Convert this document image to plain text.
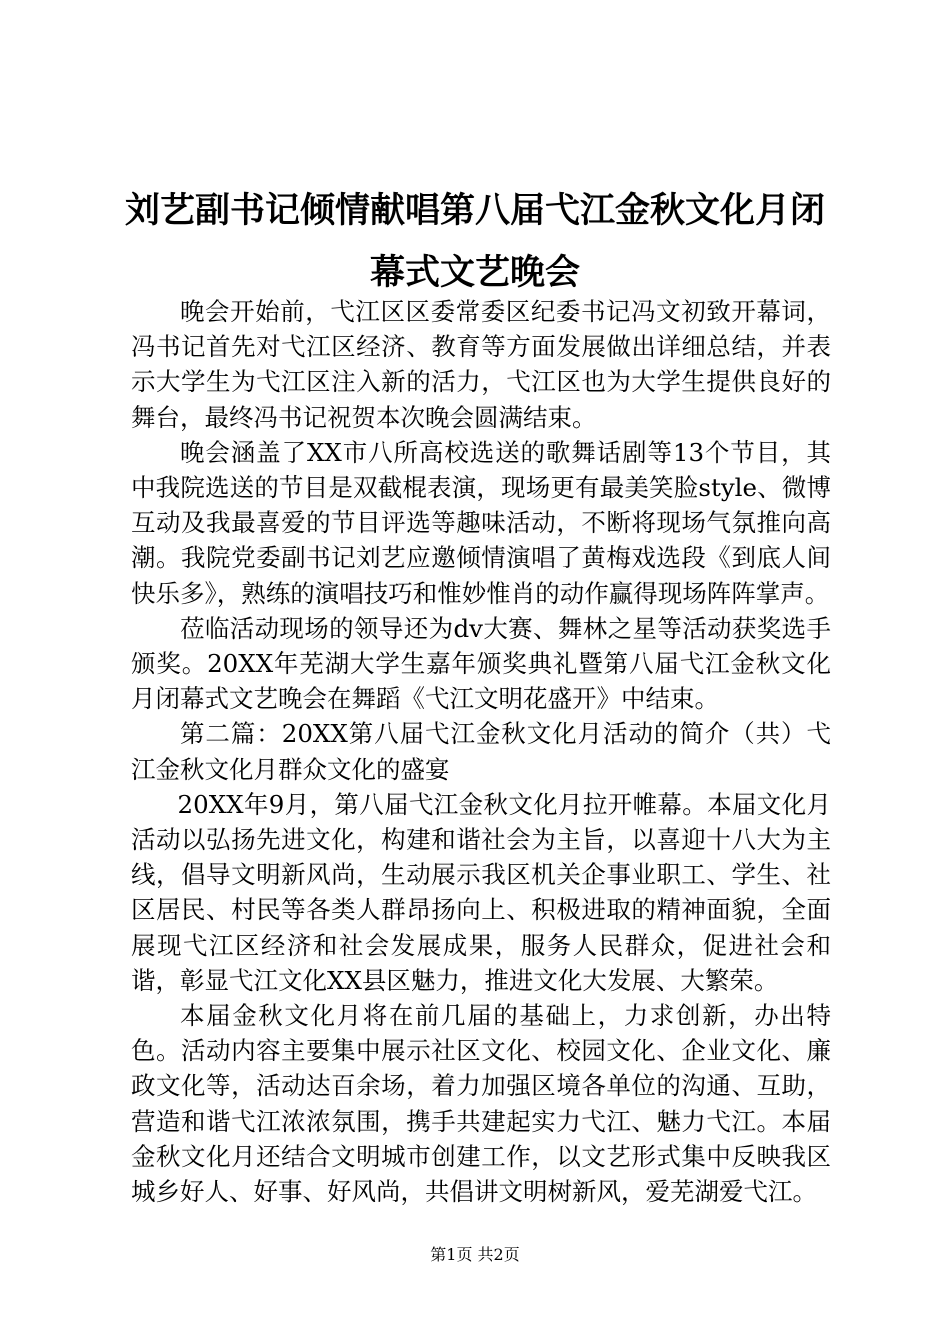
刘艺副书记倾情献唱第八届弋江金秋文化月闭幕式文艺晚会

晚会开始前，弋江区区委常委区纪委书记冯文初致开幕词，冯书记首先对弋江区经济、教育等方面发展做出详细总结，并表示大学生为弋江区注入新的活力，弋江区也为大学生提供良好的舞台，最终冯书记祝贺本次晚会圆满结束。

晚会涵盖了XX市八所高校选送的歌舞话剧等13个节目，其中我院选送的节目是双截棍表演，现场更有最美笑脸style、微博互动及我最喜爱的节目评选等趣味活动，不断将现场气氛推向高潮。我院党委副书记刘艺应邀倾情演唱了黄梅戏选段《到底人间快乐多》，熟练的演唱技巧和惟妙惟肖的动作赢得现场阵阵掌声。

莅临活动现场的领导还为dv大赛、舞林之星等活动获奖选手颁奖。20XX年芜湖大学生嘉年颁奖典礼暨第八届弋江金秋文化月闭幕式文艺晚会在舞蹈《弋江文明花盛开》中结束。

第二篇：20XX第八届弋江金秋文化月活动的简介（共）弋江金秋文化月群众文化的盛宴

20XX年9月，第八届弋江金秋文化月拉开帷幕。本届文化月活动以弘扬先进文化，构建和谐社会为主旨，以喜迎十八大为主线，倡导文明新风尚，生动展示我区机关企事业职工、学生、社区居民、村民等各类人群昂扬向上、积极进取的精神面貌，全面展现弋江区经济和社会发展成果，服务人民群众，促进社会和谐，彰显弋江文化XX县区魅力，推进文化大发展、大繁荣。

本届金秋文化月将在前几届的基础上，力求创新，办出特色。活动内容主要集中展示社区文化、校园文化、企业文化、廉政文化等，活动达百余场，着力加强区境各单位的沟通、互助，营造和谐弋江浓浓氛围，携手共建起实力弋江、魅力弋江。本届金秋文化月还结合文明城市创建工作，以文艺形式集中反映我区城乡好人、好事、好风尚，共倡讲文明树新风，爱芜湖爱弋江。

第1页 共2页
